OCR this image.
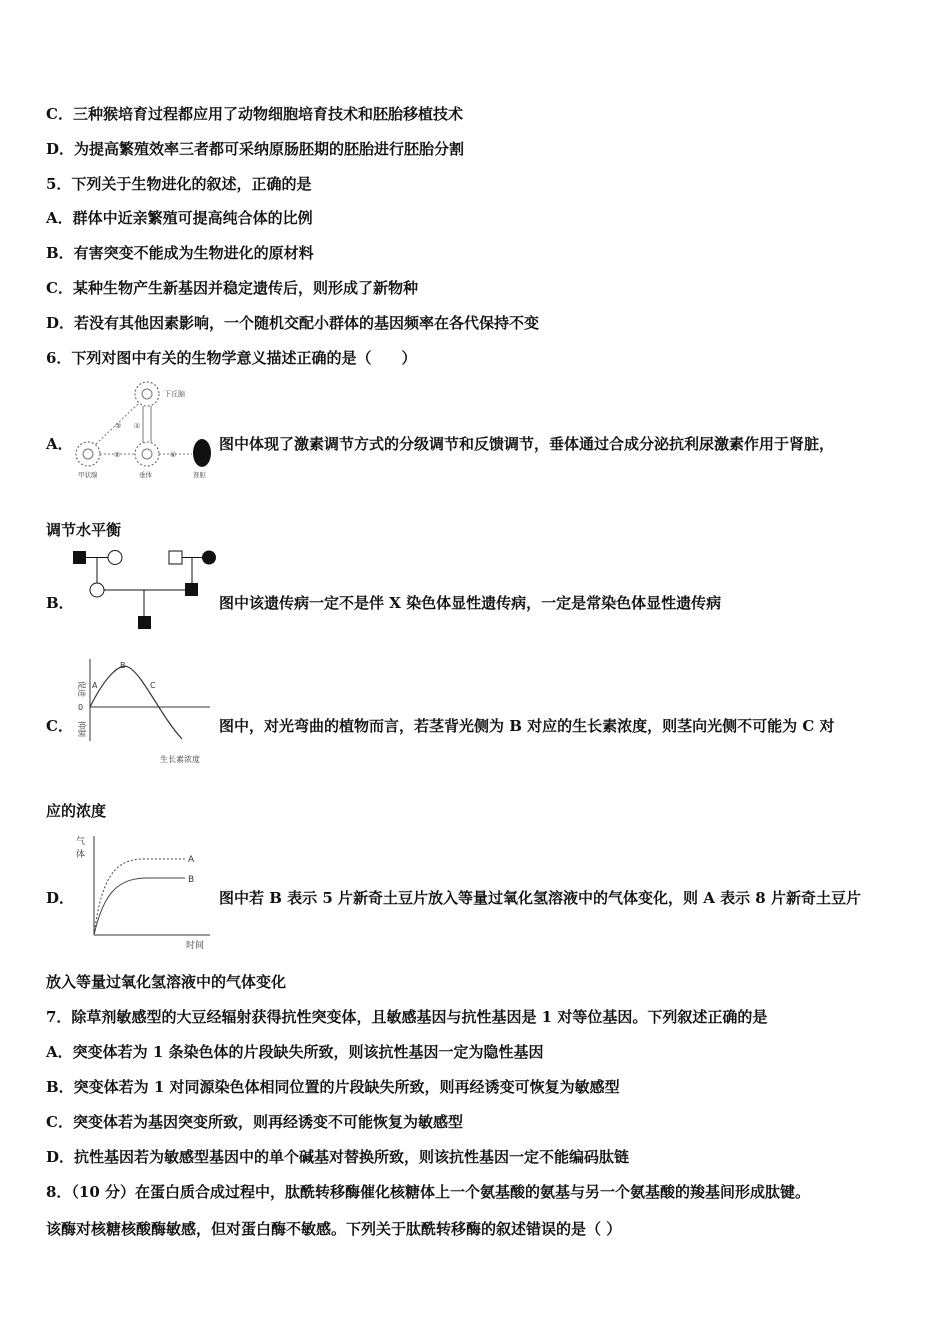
C．三种猴培育过程都应用了动物细胞培育技术和胚胎移植技术
D．为提高繁殖效率三者都可采纳原肠胚期的胚胎进行胚胎分割
5．下列关于生物进化的叙述，正确的是
A．群体中近亲繁殖可提高纯合体的比例
B．有害突变不能成为生物进化的原材料
C．某种生物产生新基因并稳定遗传后，则形成了新物种
D．若没有其他因素影响，一个随机交配小群体的基因频率在各代保持不变
6．下列对图中有关的生物学意义描述正确的是（　　）
A．
下丘脑
③ ①
②	④
甲状腺	垂体	肾脏
图中体现了激素调节方式的分级调节和反馈调节，垂体通过合成分泌抗利尿激素作用于肾脏，
调节水平衡
B．	图中该遗传病一定不是伴 X 染色体显性遗传病，一定是常染色体显性遗传病
C．
促进
抑制
0
A
B
C
生长素浓度
图中，对光弯曲的植物而言，若茎背光侧为 B 对应的生长素浓度，则茎向光侧不可能为 C 对
应的浓度
D．
气
体	A
B
时间
图中若 B 表示 5 片新奇土豆片放入等量过氧化氢溶液中的气体变化，则 A 表示 8 片新奇土豆片
放入等量过氧化氢溶液中的气体变化
7．除草剂敏感型的大豆经辐射获得抗性突变体，且敏感基因与抗性基因是 1 对等位基因。下列叙述正确的是
A．突变体若为 1 条染色体的片段缺失所致，则该抗性基因一定为隐性基因
B．突变体若为 1 对同源染色体相同位置的片段缺失所致，则再经诱变可恢复为敏感型
C．突变体若为基因突变所致，则再经诱变不可能恢复为敏感型
D．抗性基因若为敏感型基因中的单个碱基对替换所致，则该抗性基因一定不能编码肽链
8．（10 分）在蛋白质合成过程中，肽酰转移酶催化核糖体上一个氨基酸的氨基与另一个氨基酸的羧基间形成肽键。
该酶对核糖核酸酶敏感，但对蛋白酶不敏感。下列关于肽酰转移酶的叙述错误的是（ ）
